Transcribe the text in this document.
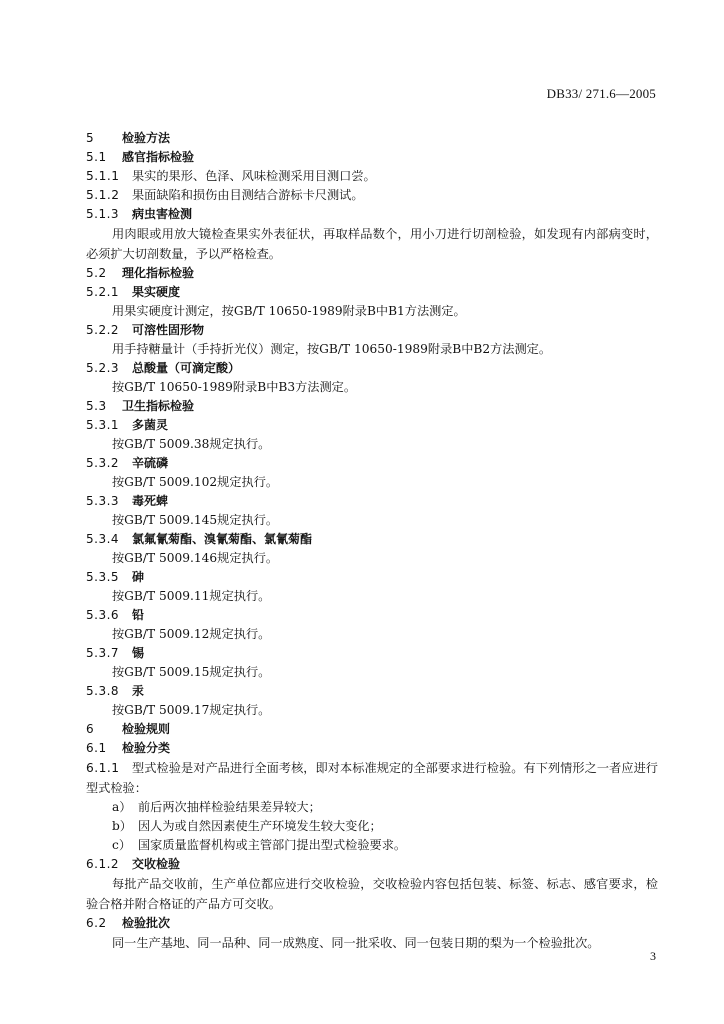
DB33/ 271.6—2005
5 检验方法
5.1 感官指标检验
5.1.1 果实的果形、色泽、风味检测采用目测口尝。
5.1.2 果面缺陷和损伤由目测结合游标卡尺测试。
5.1.3 病虫害检测
用肉眼或用放大镜检查果实外表征状，再取样品数个，用小刀进行切剖检验，如发现有内部病变时，必须扩大切剖数量，予以严格检查。
5.2 理化指标检验
5.2.1 果实硬度
用果实硬度计测定，按GB/T 10650-1989附录B中B1方法测定。
5.2.2 可溶性固形物
用手持糖量计（手持折光仪）测定，按GB/T 10650-1989附录B中B2方法测定。
5.2.3 总酸量（可滴定酸）
按GB/T 10650-1989附录B中B3方法测定。
5.3 卫生指标检验
5.3.1 多菌灵
按GB/T 5009.38规定执行。
5.3.2 辛硫磷
按GB/T 5009.102规定执行。
5.3.3 毒死蜱
按GB/T 5009.145规定执行。
5.3.4 氯氟氰菊酯、溴氰菊酯、氯氰菊酯
按GB/T 5009.146规定执行。
5.3.5 砷
按GB/T 5009.11规定执行。
5.3.6 铅
按GB/T 5009.12规定执行。
5.3.7 锡
按GB/T 5009.15规定执行。
5.3.8 汞
按GB/T 5009.17规定执行。
6 检验规则
6.1 检验分类
6.1.1 型式检验是对产品进行全面考核，即对本标准规定的全部要求进行检验。有下列情形之一者应进行型式检验：
a） 前后两次抽样检验结果差异较大；
b） 因人为或自然因素使生产环境发生较大变化；
c） 国家质量监督机构或主管部门提出型式检验要求。
6.1.2 交收检验
每批产品交收前，生产单位都应进行交收检验，交收检验内容包括包装、标签、标志、感官要求，检验合格并附合格证的产品方可交收。
6.2 检验批次
同一生产基地、同一品种、同一成熟度、同一批采收、同一包装日期的梨为一个检验批次。
3
